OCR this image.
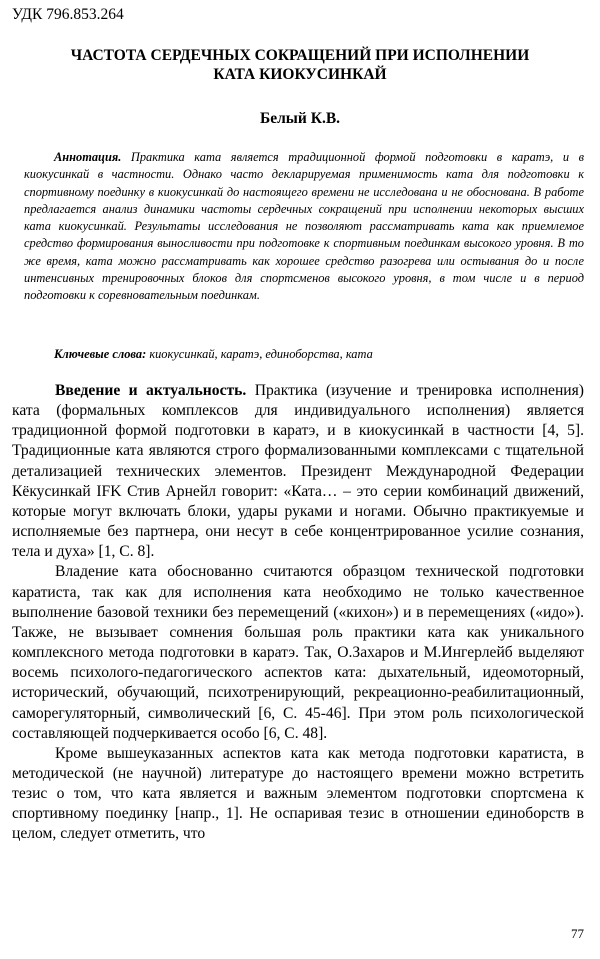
УДК 796.853.264
ЧАСТОТА СЕРДЕЧНЫХ СОКРАЩЕНИЙ ПРИ ИСПОЛНЕНИИ
КАТА КИОКУСИНКАЙ
Белый К.В.
Аннотация. Практика ката является традиционной формой подготовки в каратэ, и в киокусинкай в частности. Однако часто декларируемая применимость ката для подготовки к спортивному поединку в киокусинкай до настоящего времени не исследована и не обоснована. В работе предлагается анализ динамики частоты сердечных сокращений при исполнении некоторых высших ката киокусинкай. Результаты исследования не позволяют рассматривать ката как приемлемое средство формирования выносливости при подготовке к спортивным поединкам высокого уровня. В то же время, ката можно рассматривать как хорошее средство разогрева или остывания до и после интенсивных тренировочных блоков для спортсменов высокого уровня, в том числе и в период подготовки к соревновательным поединкам.
Ключевые слова: киокусинкай, каратэ, единоборства, ката

Введение и актуальность. Практика (изучение и тренировка исполнения) ката (формальных комплексов для индивидуального исполнения) является традиционной формой подготовки в каратэ, и в киокусинкай в частности [4, 5]. Традиционные ката являются строго формализованными комплексами с тщательной детализацией технических элементов. Президент Международной Федерации Кёкусинкай IFK Стив Арнейл говорит: «Ката… – это серии комбинаций движений, которые могут включать блоки, удары руками и ногами. Обычно практикуемые и исполняемые без партнера, они несут в себе концентрированное усилие сознания, тела и духа» [1, С. 8].

Владение ката обоснованно считаются образцом технической подготовки каратиста, так как для исполнения ката необходимо не только качественное выполнение базовой техники без перемещений («кихон») и в перемещениях («идо»). Также, не вызывает сомнения большая роль практики ката как уникального комплексного метода подготовки в каратэ. Так, О.Захаров и М.Ингерлейб выделяют восемь психолого-педагогического аспектов ката: дыхательный, идеомоторный, исторический, обучающий, психотренирующий, рекреационно-реабилитационный, саморегуляторный, символический [6, С. 45-46]. При этом роль психологической составляющей подчеркивается особо [6, С. 48].

Кроме вышеуказанных аспектов ката как метода подготовки каратиста, в методической (не научной) литературе до настоящего времени можно встретить тезис о том, что ката является и важным элементом подготовки спортсмена к спортивному поединку [напр., 1]. Не оспаривая тезис в отношении единоборств в целом, следует отметить, что

77
